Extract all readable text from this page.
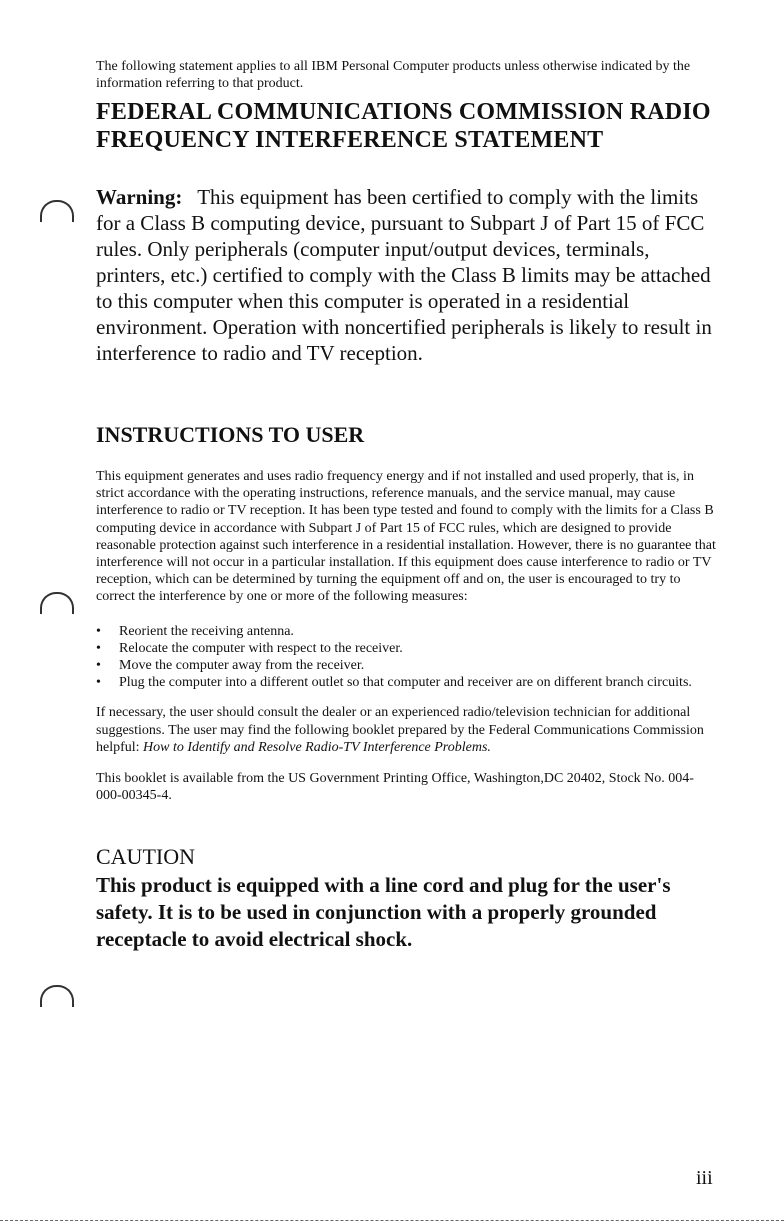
The following statement applies to all IBM Personal Computer products unless otherwise indicated by the information referring to that product.

FEDERAL COMMUNICATIONS COMMISSION RADIO FREQUENCY INTERFERENCE STATEMENT

Warning: This equipment has been certified to comply with the limits for a Class B computing device, pursuant to Subpart J of Part 15 of FCC rules. Only peripherals (computer input/output devices, terminals, printers, etc.) certified to comply with the Class B limits may be attached to this computer when this computer is operated in a residential environment. Operation with noncertified peripherals is likely to result in interference to radio and TV reception.

INSTRUCTIONS TO USER

This equipment generates and uses radio frequency energy and if not installed and used properly, that is, in strict accordance with the operating instructions, reference manuals, and the service manual, may cause interference to radio or TV reception. It has been type tested and found to comply with the limits for a Class B computing device in accordance with Subpart J of Part 15 of FCC rules, which are designed to provide reasonable protection against such interference in a residential installation. However, there is no guarantee that interference will not occur in a particular installation. If this equipment does cause interference to radio or TV reception, which can be determined by turning the equipment off and on, the user is encouraged to try to correct the interference by one or more of the following measures:

• Reorient the receiving antenna.
• Relocate the computer with respect to the receiver.
• Move the computer away from the receiver.
• Plug the computer into a different outlet so that computer and receiver are on different branch circuits.

If necessary, the user should consult the dealer or an experienced radio/television technician for additional suggestions. The user may find the following booklet prepared by the Federal Communications Commission helpful: How to Identify and Resolve Radio-TV Interference Problems.

This booklet is available from the US Government Printing Office, Washington,DC 20402, Stock No. 004-000-00345-4.

CAUTION

This product is equipped with a line cord and plug for the user's safety. It is to be used in conjunction with a properly grounded receptacle to avoid electrical shock.

iii
